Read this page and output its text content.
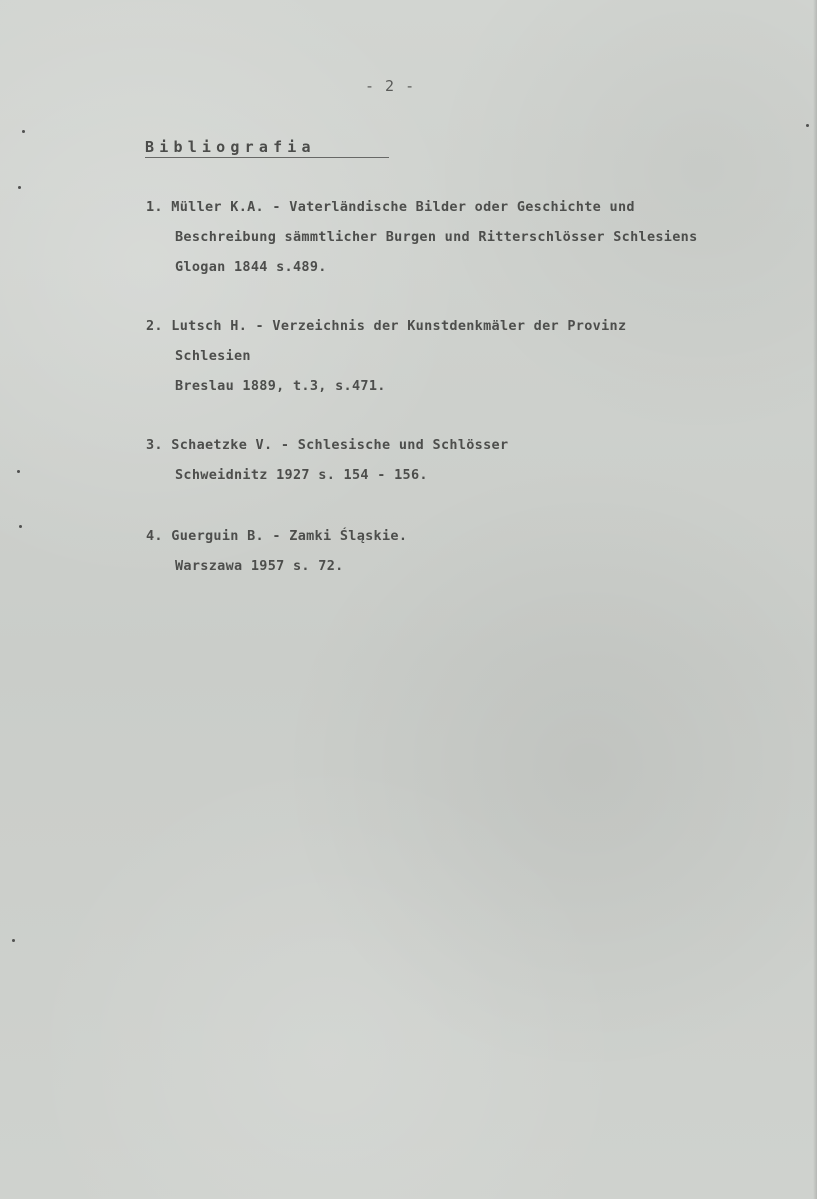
- 2 -
Bibliografia
1. Müller K.A. - Vaterländische Bilder oder Geschichte und
Beschreibung sämmtlicher Burgen und Ritterschlösser Schlesiens
Glogan 1844 s.489.
2. Lutsch H. - Verzeichnis der Kunstdenkmäler der Provinz
Schlesien
Breslau 1889, t.3, s.471.
3. Schaetzke V. - Schlesische und Schlösser
Schweidnitz 1927 s. 154 - 156.
4. Guerguin B. - Zamki Śląskie.
Warszawa 1957 s. 72.
